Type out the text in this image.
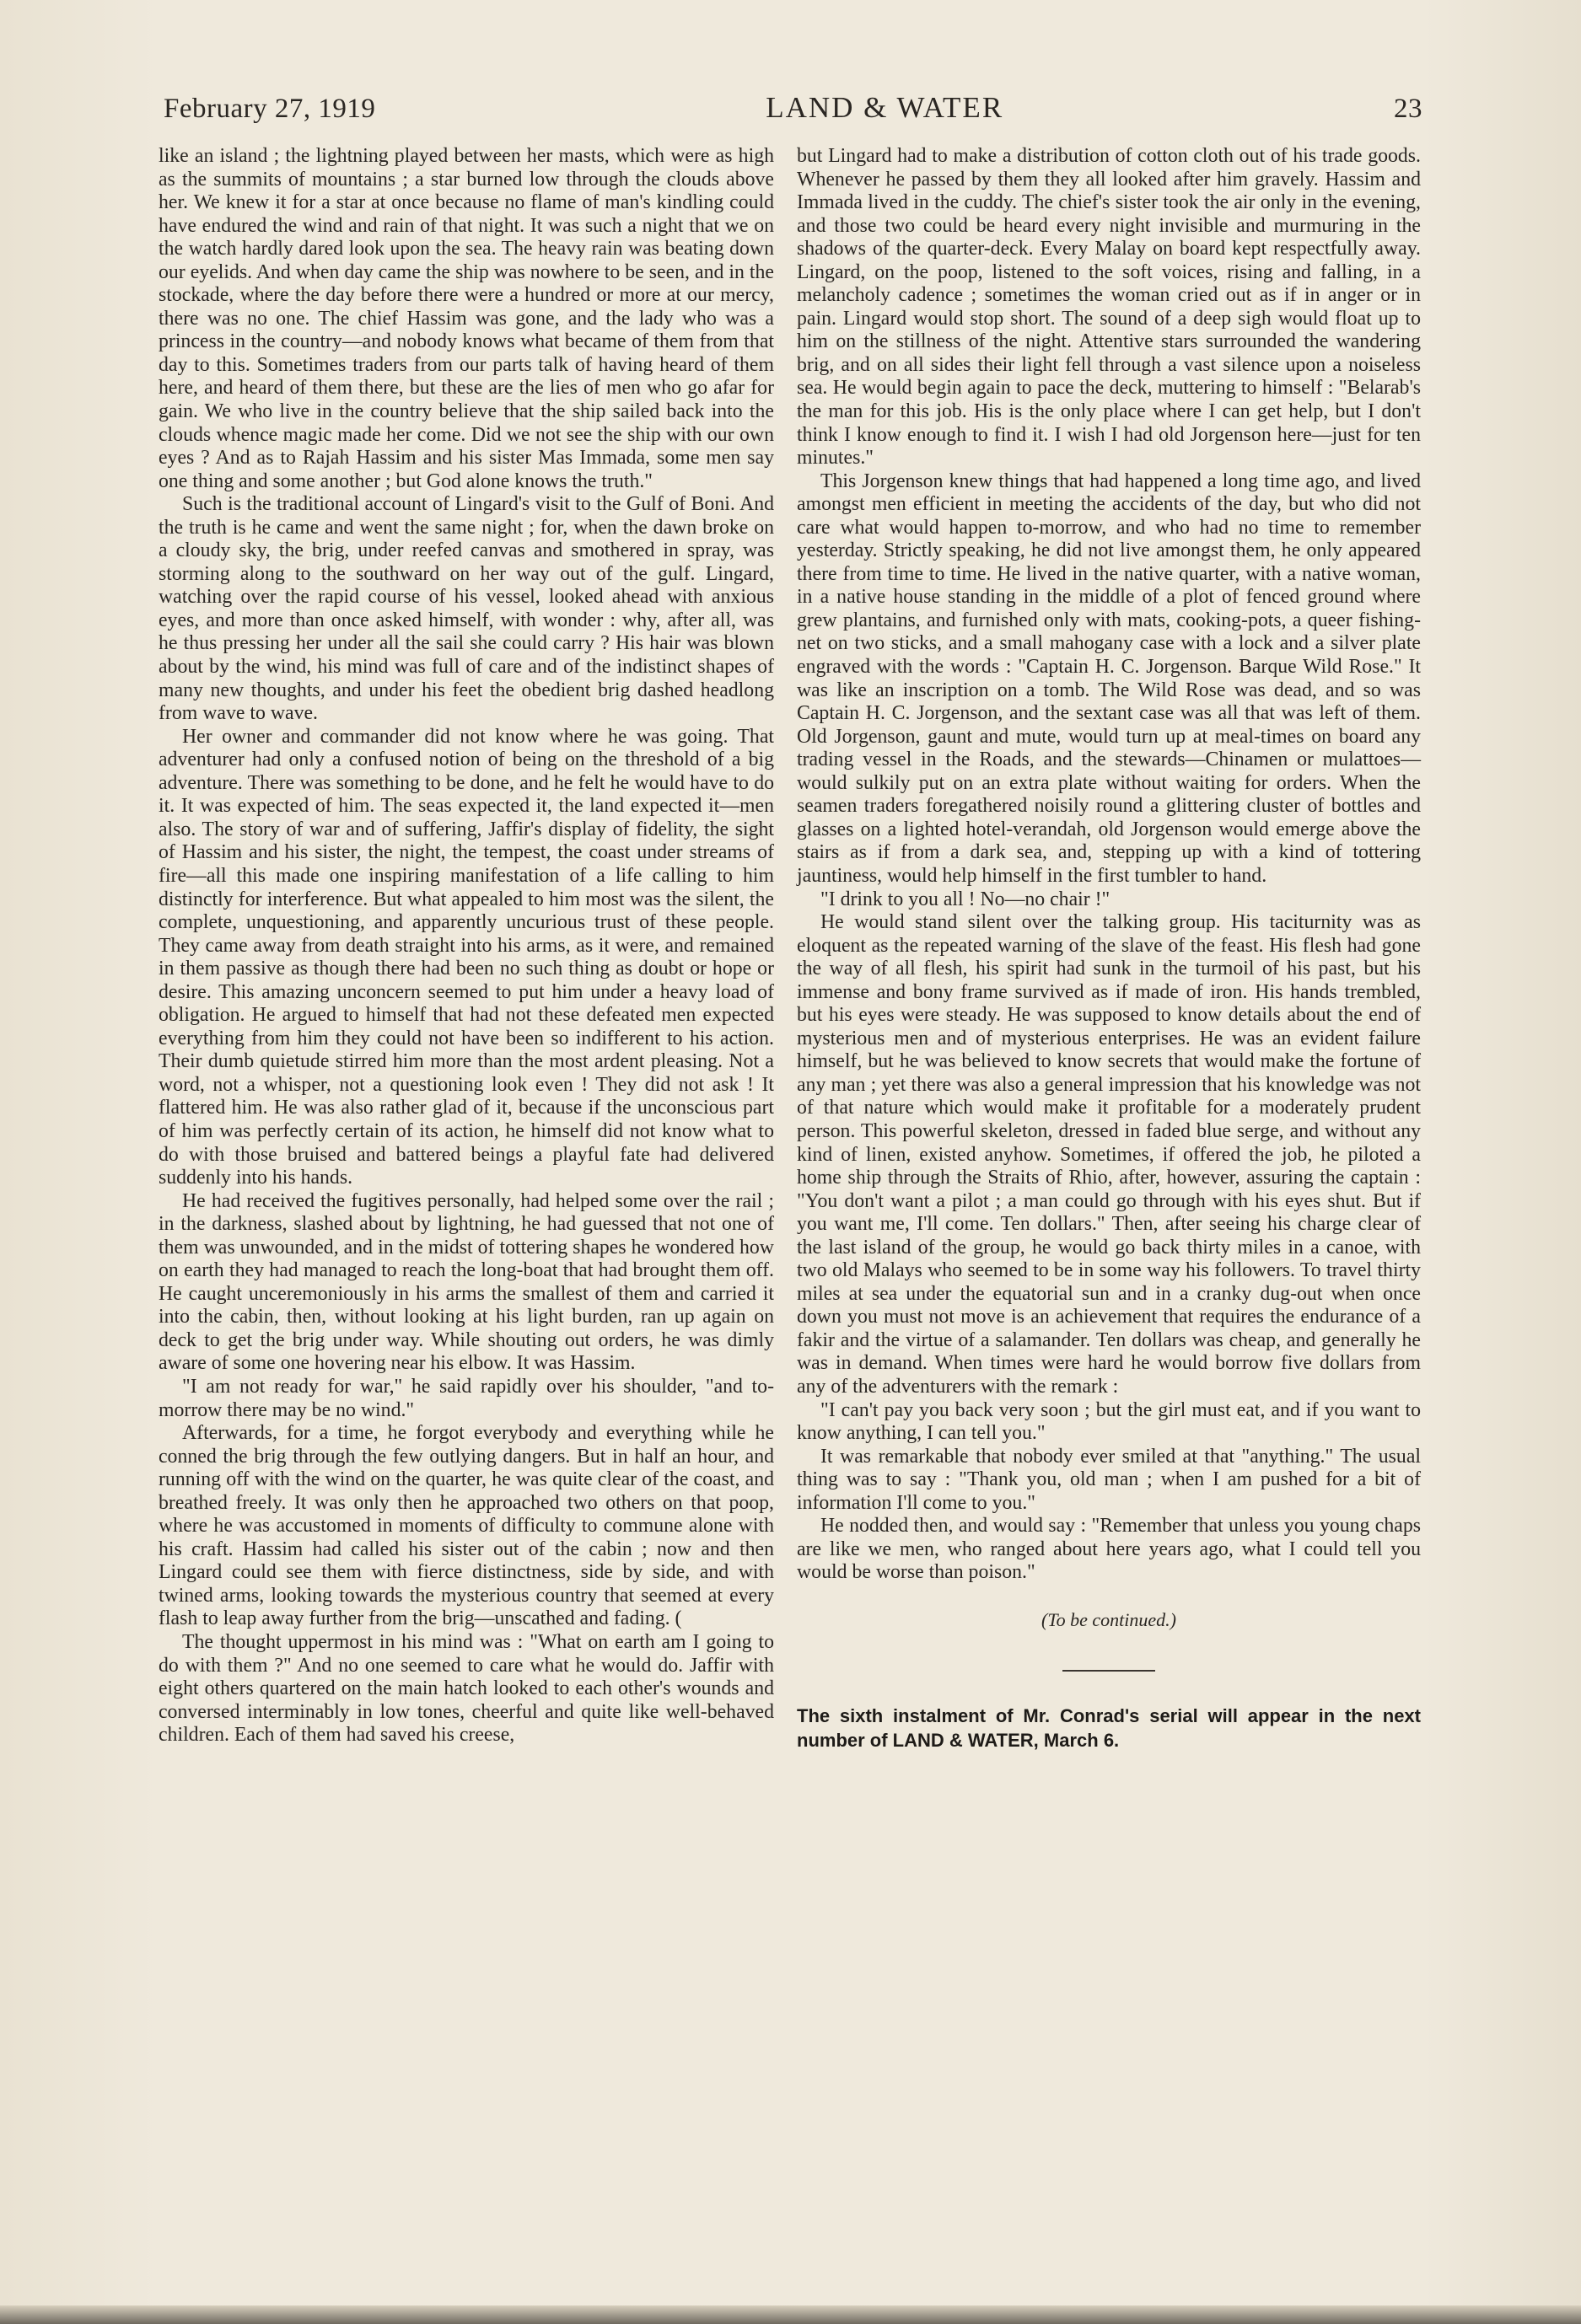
February 27, 1919	LAND & WATER	23

like an island ; the lightning played between her masts, which were as high as the summits of mountains ; a star burned low through the clouds above her. We knew it for a star at once because no flame of man's kindling could have endured the wind and rain of that night. It was such a night that we on the watch hardly dared look upon the sea. The heavy rain was beating down our eyelids. And when day came the ship was nowhere to be seen, and in the stockade, where the day before there were a hundred or more at our mercy, there was no one. The chief Hassim was gone, and the lady who was a princess in the country—and nobody knows what became of them from that day to this. Sometimes traders from our parts talk of having heard of them here, and heard of them there, but these are the lies of men who go afar for gain. We who live in the country believe that the ship sailed back into the clouds whence magic made her come. Did we not see the ship with our own eyes ? And as to Rajah Hassim and his sister Mas Immada, some men say one thing and some another ; but God alone knows the truth."

Such is the traditional account of Lingard's visit to the Gulf of Boni. And the truth is he came and went the same night ; for, when the dawn broke on a cloudy sky, the brig, under reefed canvas and smothered in spray, was storming along to the southward on her way out of the gulf. Lingard, watching over the rapid course of his vessel, looked ahead with anxious eyes, and more than once asked himself, with wonder : why, after all, was he thus pressing her under all the sail she could carry ? His hair was blown about by the wind, his mind was full of care and of the indistinct shapes of many new thoughts, and under his feet the obedient brig dashed headlong from wave to wave.

Her owner and commander did not know where he was going. That adventurer had only a confused notion of being on the threshold of a big adventure. There was something to be done, and he felt he would have to do it. It was expected of him. The seas expected it, the land expected it—men also. The story of war and of suffering, Jaffir's display of fidelity, the sight of Hassim and his sister, the night, the tempest, the coast under streams of fire—all this made one inspiring manifestation of a life calling to him distinctly for interference. But what appealed to him most was the silent, the complete, unquestioning, and apparently uncurious trust of these people. They came away from death straight into his arms, as it were, and remained in them passive as though there had been no such thing as doubt or hope or desire. This amazing unconcern seemed to put him under a heavy load of obligation. He argued to himself that had not these defeated men expected everything from him they could not have been so indifferent to his action. Their dumb quietude stirred him more than the most ardent pleasing. Not a word, not a whisper, not a questioning look even ! They did not ask ! It flattered him. He was also rather glad of it, because if the unconscious part of him was perfectly certain of its action, he himself did not know what to do with those bruised and battered beings a playful fate had delivered suddenly into his hands.

He had received the fugitives personally, had helped some over the rail ; in the darkness, slashed about by lightning, he had guessed that not one of them was unwounded, and in the midst of tottering shapes he wondered how on earth they had managed to reach the long-boat that had brought them off. He caught unceremoniously in his arms the smallest of them and carried it into the cabin, then, without looking at his light burden, ran up again on deck to get the brig under way. While shouting out orders, he was dimly aware of some one hovering near his elbow. It was Hassim.

"I am not ready for war," he said rapidly over his shoulder, "and to-morrow there may be no wind."

Afterwards, for a time, he forgot everybody and everything while he conned the brig through the few outlying dangers. But in half an hour, and running off with the wind on the quarter, he was quite clear of the coast, and breathed freely. It was only then he approached two others on that poop, where he was accustomed in moments of difficulty to commune alone with his craft. Hassim had called his sister out of the cabin ; now and then Lingard could see them with fierce distinctness, side by side, and with twined arms, looking towards the mysterious country that seemed at every flash to leap away further from the brig—unscathed and fading. (

The thought uppermost in his mind was : "What on earth am I going to do with them ?" And no one seemed to care what he would do. Jaffir with eight others quartered on the main hatch looked to each other's wounds and conversed interminably in low tones, cheerful and quite like well-behaved children. Each of them had saved his creese,

but Lingard had to make a distribution of cotton cloth out of his trade goods. Whenever he passed by them they all looked after him gravely. Hassim and Immada lived in the cuddy. The chief's sister took the air only in the evening, and those two could be heard every night invisible and murmuring in the shadows of the quarter-deck. Every Malay on board kept respectfully away. Lingard, on the poop, listened to the soft voices, rising and falling, in a melancholy cadence ; sometimes the woman cried out as if in anger or in pain. Lingard would stop short. The sound of a deep sigh would float up to him on the stillness of the night. Attentive stars surrounded the wandering brig, and on all sides their light fell through a vast silence upon a noiseless sea. He would begin again to pace the deck, muttering to himself : "Belarab's the man for this job. His is the only place where I can get help, but I don't think I know enough to find it. I wish I had old Jorgenson here—just for ten minutes."

This Jorgenson knew things that had happened a long time ago, and lived amongst men efficient in meeting the accidents of the day, but who did not care what would happen to-morrow, and who had no time to remember yesterday. Strictly speaking, he did not live amongst them, he only appeared there from time to time. He lived in the native quarter, with a native woman, in a native house standing in the middle of a plot of fenced ground where grew plantains, and furnished only with mats, cooking-pots, a queer fishing-net on two sticks, and a small mahogany case with a lock and a silver plate engraved with the words : "Captain H. C. Jorgenson. Barque Wild Rose." It was like an inscription on a tomb. The Wild Rose was dead, and so was Captain H. C. Jorgenson, and the sextant case was all that was left of them. Old Jorgenson, gaunt and mute, would turn up at meal-times on board any trading vessel in the Roads, and the stewards—Chinamen or mulattoes—would sulkily put on an extra plate without waiting for orders. When the seamen traders foregathered noisily round a glittering cluster of bottles and glasses on a lighted hotel-verandah, old Jorgenson would emerge above the stairs as if from a dark sea, and, stepping up with a kind of tottering jauntiness, would help himself in the first tumbler to hand.

"I drink to you all ! No—no chair !"

He would stand silent over the talking group. His taciturnity was as eloquent as the repeated warning of the slave of the feast. His flesh had gone the way of all flesh, his spirit had sunk in the turmoil of his past, but his immense and bony frame survived as if made of iron. His hands trembled, but his eyes were steady. He was supposed to know details about the end of mysterious men and of mysterious enterprises. He was an evident failure himself, but he was believed to know secrets that would make the fortune of any man ; yet there was also a general impression that his knowledge was not of that nature which would make it profitable for a moderately prudent person. This powerful skeleton, dressed in faded blue serge, and without any kind of linen, existed anyhow. Sometimes, if offered the job, he piloted a home ship through the Straits of Rhio, after, however, assuring the captain : "You don't want a pilot ; a man could go through with his eyes shut. But if you want me, I'll come. Ten dollars." Then, after seeing his charge clear of the last island of the group, he would go back thirty miles in a canoe, with two old Malays who seemed to be in some way his followers. To travel thirty miles at sea under the equatorial sun and in a cranky dug-out when once down you must not move is an achievement that requires the endurance of a fakir and the virtue of a salamander. Ten dollars was cheap, and generally he was in demand. When times were hard he would borrow five dollars from any of the adventurers with the remark :

"I can't pay you back very soon ; but the girl must eat, and if you want to know anything, I can tell you."

It was remarkable that nobody ever smiled at that "anything." The usual thing was to say : "Thank you, old man ; when I am pushed for a bit of information I'll come to you."

He nodded then, and would say : "Remember that unless you young chaps are like we men, who ranged about here years ago, what I could tell you would be worse than poison."

(To be continued.)

The sixth instalment of Mr. Conrad's serial will appear in the next number of LAND & WATER, March 6.
